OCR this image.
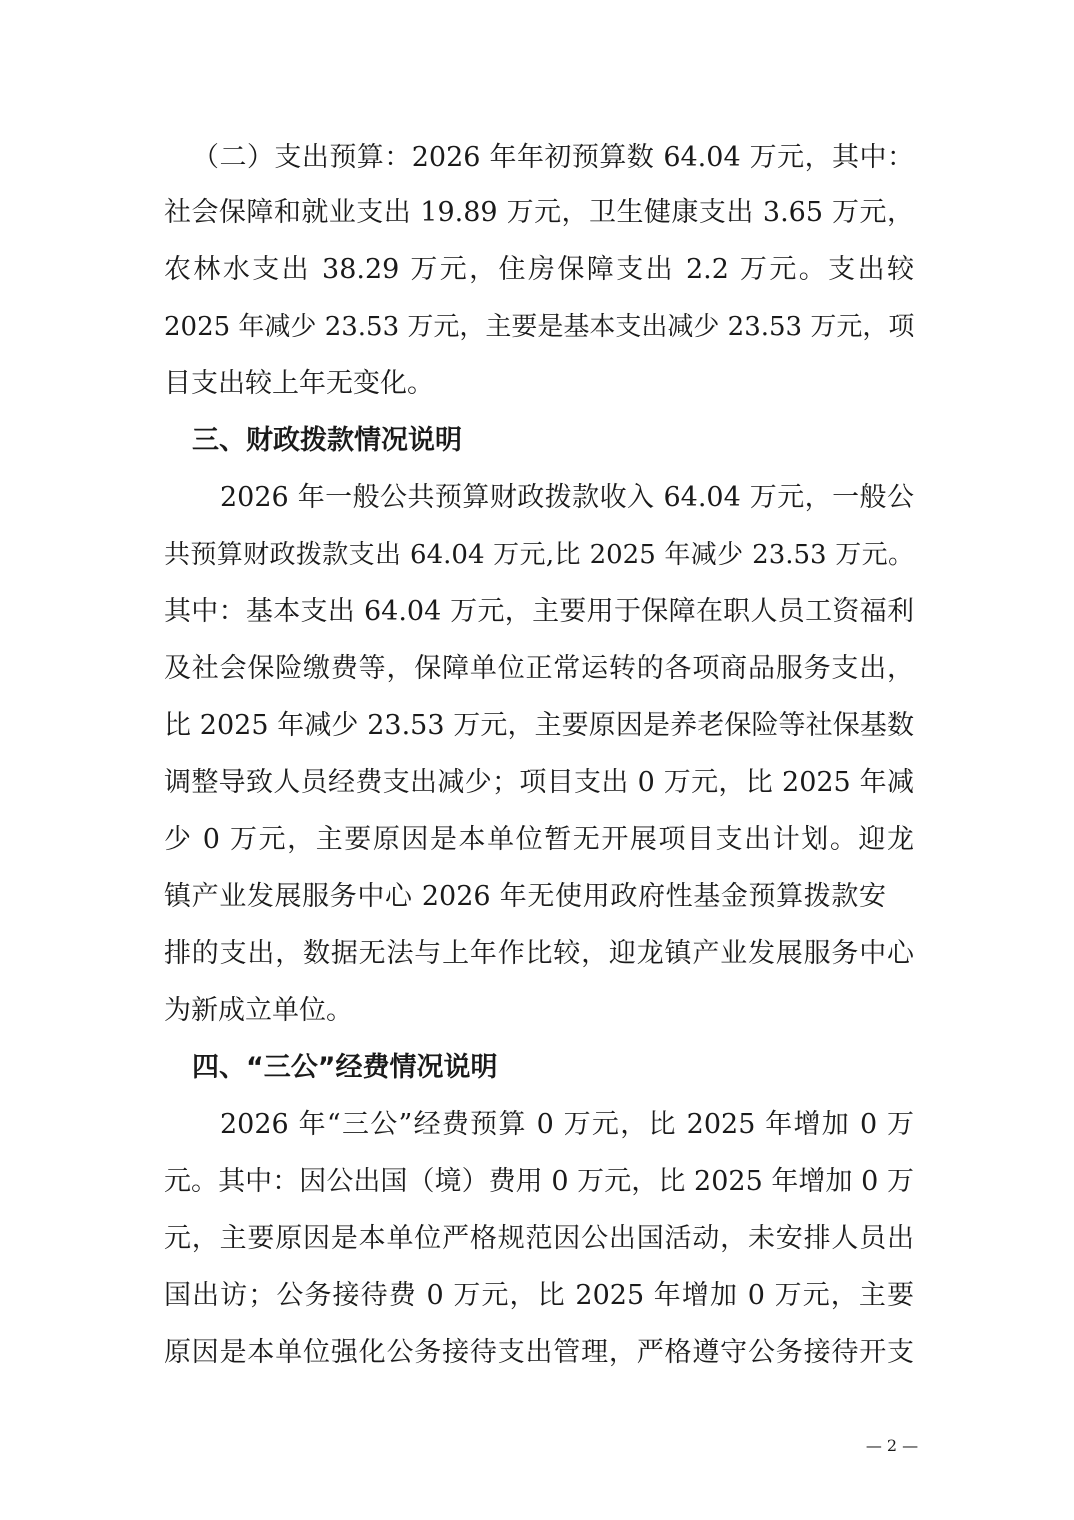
（二）支出预算：2026 年年初预算数 64.04 万元，其中：
社会保障和就业支出 19.89 万元，卫生健康支出 3.65 万元，
农林水支出 38.29 万元，住房保障支出 2.2 万元。支出较
2025 年减少 23.53 万元，主要是基本支出减少 23.53 万元，项
目支出较上年无变化。
三、财政拨款情况说明
2026 年一般公共预算财政拨款收入 64.04 万元，一般公
共预算财政拨款支出 64.04 万元,比 2025 年减少 23.53 万元。
其中：基本支出 64.04 万元，主要用于保障在职人员工资福利
及社会保险缴费等，保障单位正常运转的各项商品服务支出，
比 2025 年减少 23.53 万元，主要原因是养老保险等社保基数
调整导致人员经费支出减少；项目支出 0 万元，比 2025 年减
少 0 万元，主要原因是本单位暂无开展项目支出计划。迎龙
镇产业发展服务中心 2026 年无使用政府性基金预算拨款安
排的支出，数据无法与上年作比较，迎龙镇产业发展服务中心
为新成立单位。
四、“三公”经费情况说明
2026 年“三公”经费预算 0 万元，比 2025 年增加 0 万
元。其中：因公出国（境）费用 0 万元，比 2025 年增加 0 万
元，主要原因是本单位严格规范因公出国活动，未安排人员出
国出访；公务接待费 0 万元，比 2025 年增加 0 万元，主要
原因是本单位强化公务接待支出管理，严格遵守公务接待开支
— 2 —
